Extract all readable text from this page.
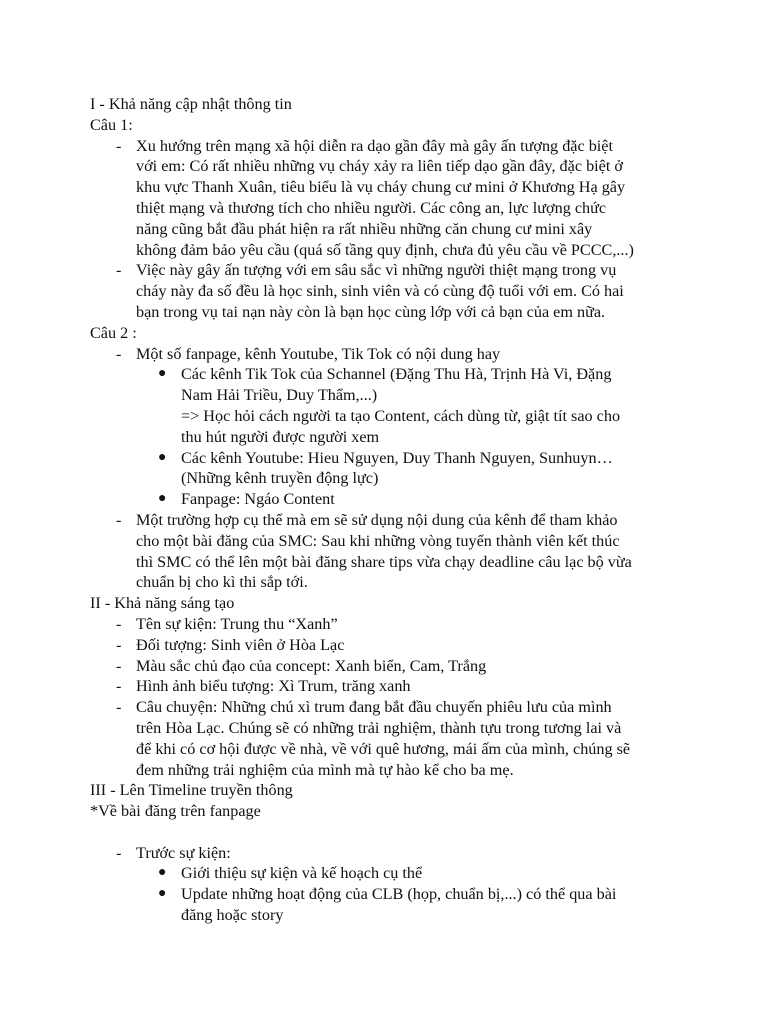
I - Khả năng cập nhật thông tin
Câu 1:
- Xu hướng trên mạng xã hội diễn ra dạo gần đây mà gây ấn tượng đặc biệt
với em: Có rất nhiều những vụ cháy xảy ra liên tiếp dạo gần đây, đặc biệt ở
khu vực Thanh Xuân, tiêu biểu là vụ cháy chung cư mini ở Khương Hạ gây
thiệt mạng và thương tích cho nhiều người. Các công an, lực lượng chức
năng cũng bắt đầu phát hiện ra rất nhiều những căn chung cư mini xây
không đảm bảo yêu cầu (quá số tầng quy định, chưa đủ yêu cầu về PCCC,...)
- Việc này gây ấn tượng với em sâu sắc vì những người thiệt mạng trong vụ
cháy này đa số đều là học sinh, sinh viên và có cùng độ tuổi với em. Có hai
bạn trong vụ tai nạn này còn là bạn học cùng lớp với cả bạn của em nữa.
Câu 2 :
- Một số fanpage, kênh Youtube, Tik Tok có nội dung hay
● Các kênh Tik Tok của Schannel (Đặng Thu Hà, Trịnh Hà Vi, Đặng
Nam Hải Triều, Duy Thẩm,...)
=> Học hỏi cách người ta tạo Content, cách dùng từ, giật tít sao cho
thu hút người được người xem
● Các kênh Youtube: Hieu Nguyen, Duy Thanh Nguyen, Sunhuyn…
(Những kênh truyền động lực)
● Fanpage: Ngáo Content
- Một trường hợp cụ thể mà em sẽ sử dụng nội dung của kênh để tham khảo
cho một bài đăng của SMC: Sau khi những vòng tuyển thành viên kết thúc
thì SMC có thể lên một bài đăng share tips vừa chạy deadline câu lạc bộ vừa
chuẩn bị cho kì thi sắp tới.
II - Khả năng sáng tạo
- Tên sự kiện: Trung thu “Xanh”
- Đối tượng: Sinh viên ở Hòa Lạc
- Màu sắc chủ đạo của concept: Xanh biển, Cam, Trắng
- Hình ảnh biểu tượng: Xì Trum, trăng xanh
- Câu chuyện: Những chú xì trum đang bắt đầu chuyến phiêu lưu của mình
trên Hòa Lạc. Chúng sẽ có những trải nghiệm, thành tựu trong tương lai và
để khi có cơ hội được về nhà, về với quê hương, mái ấm của mình, chúng sẽ
đem những trải nghiệm của mình mà tự hào kể cho ba mẹ.
III - Lên Timeline truyền thông
*Về bài đăng trên fanpage
- Trước sự kiện:
● Giới thiệu sự kiện và kế hoạch cụ thể
● Update những hoạt động của CLB (họp, chuẩn bị,...) có thể qua bài
đăng hoặc story
